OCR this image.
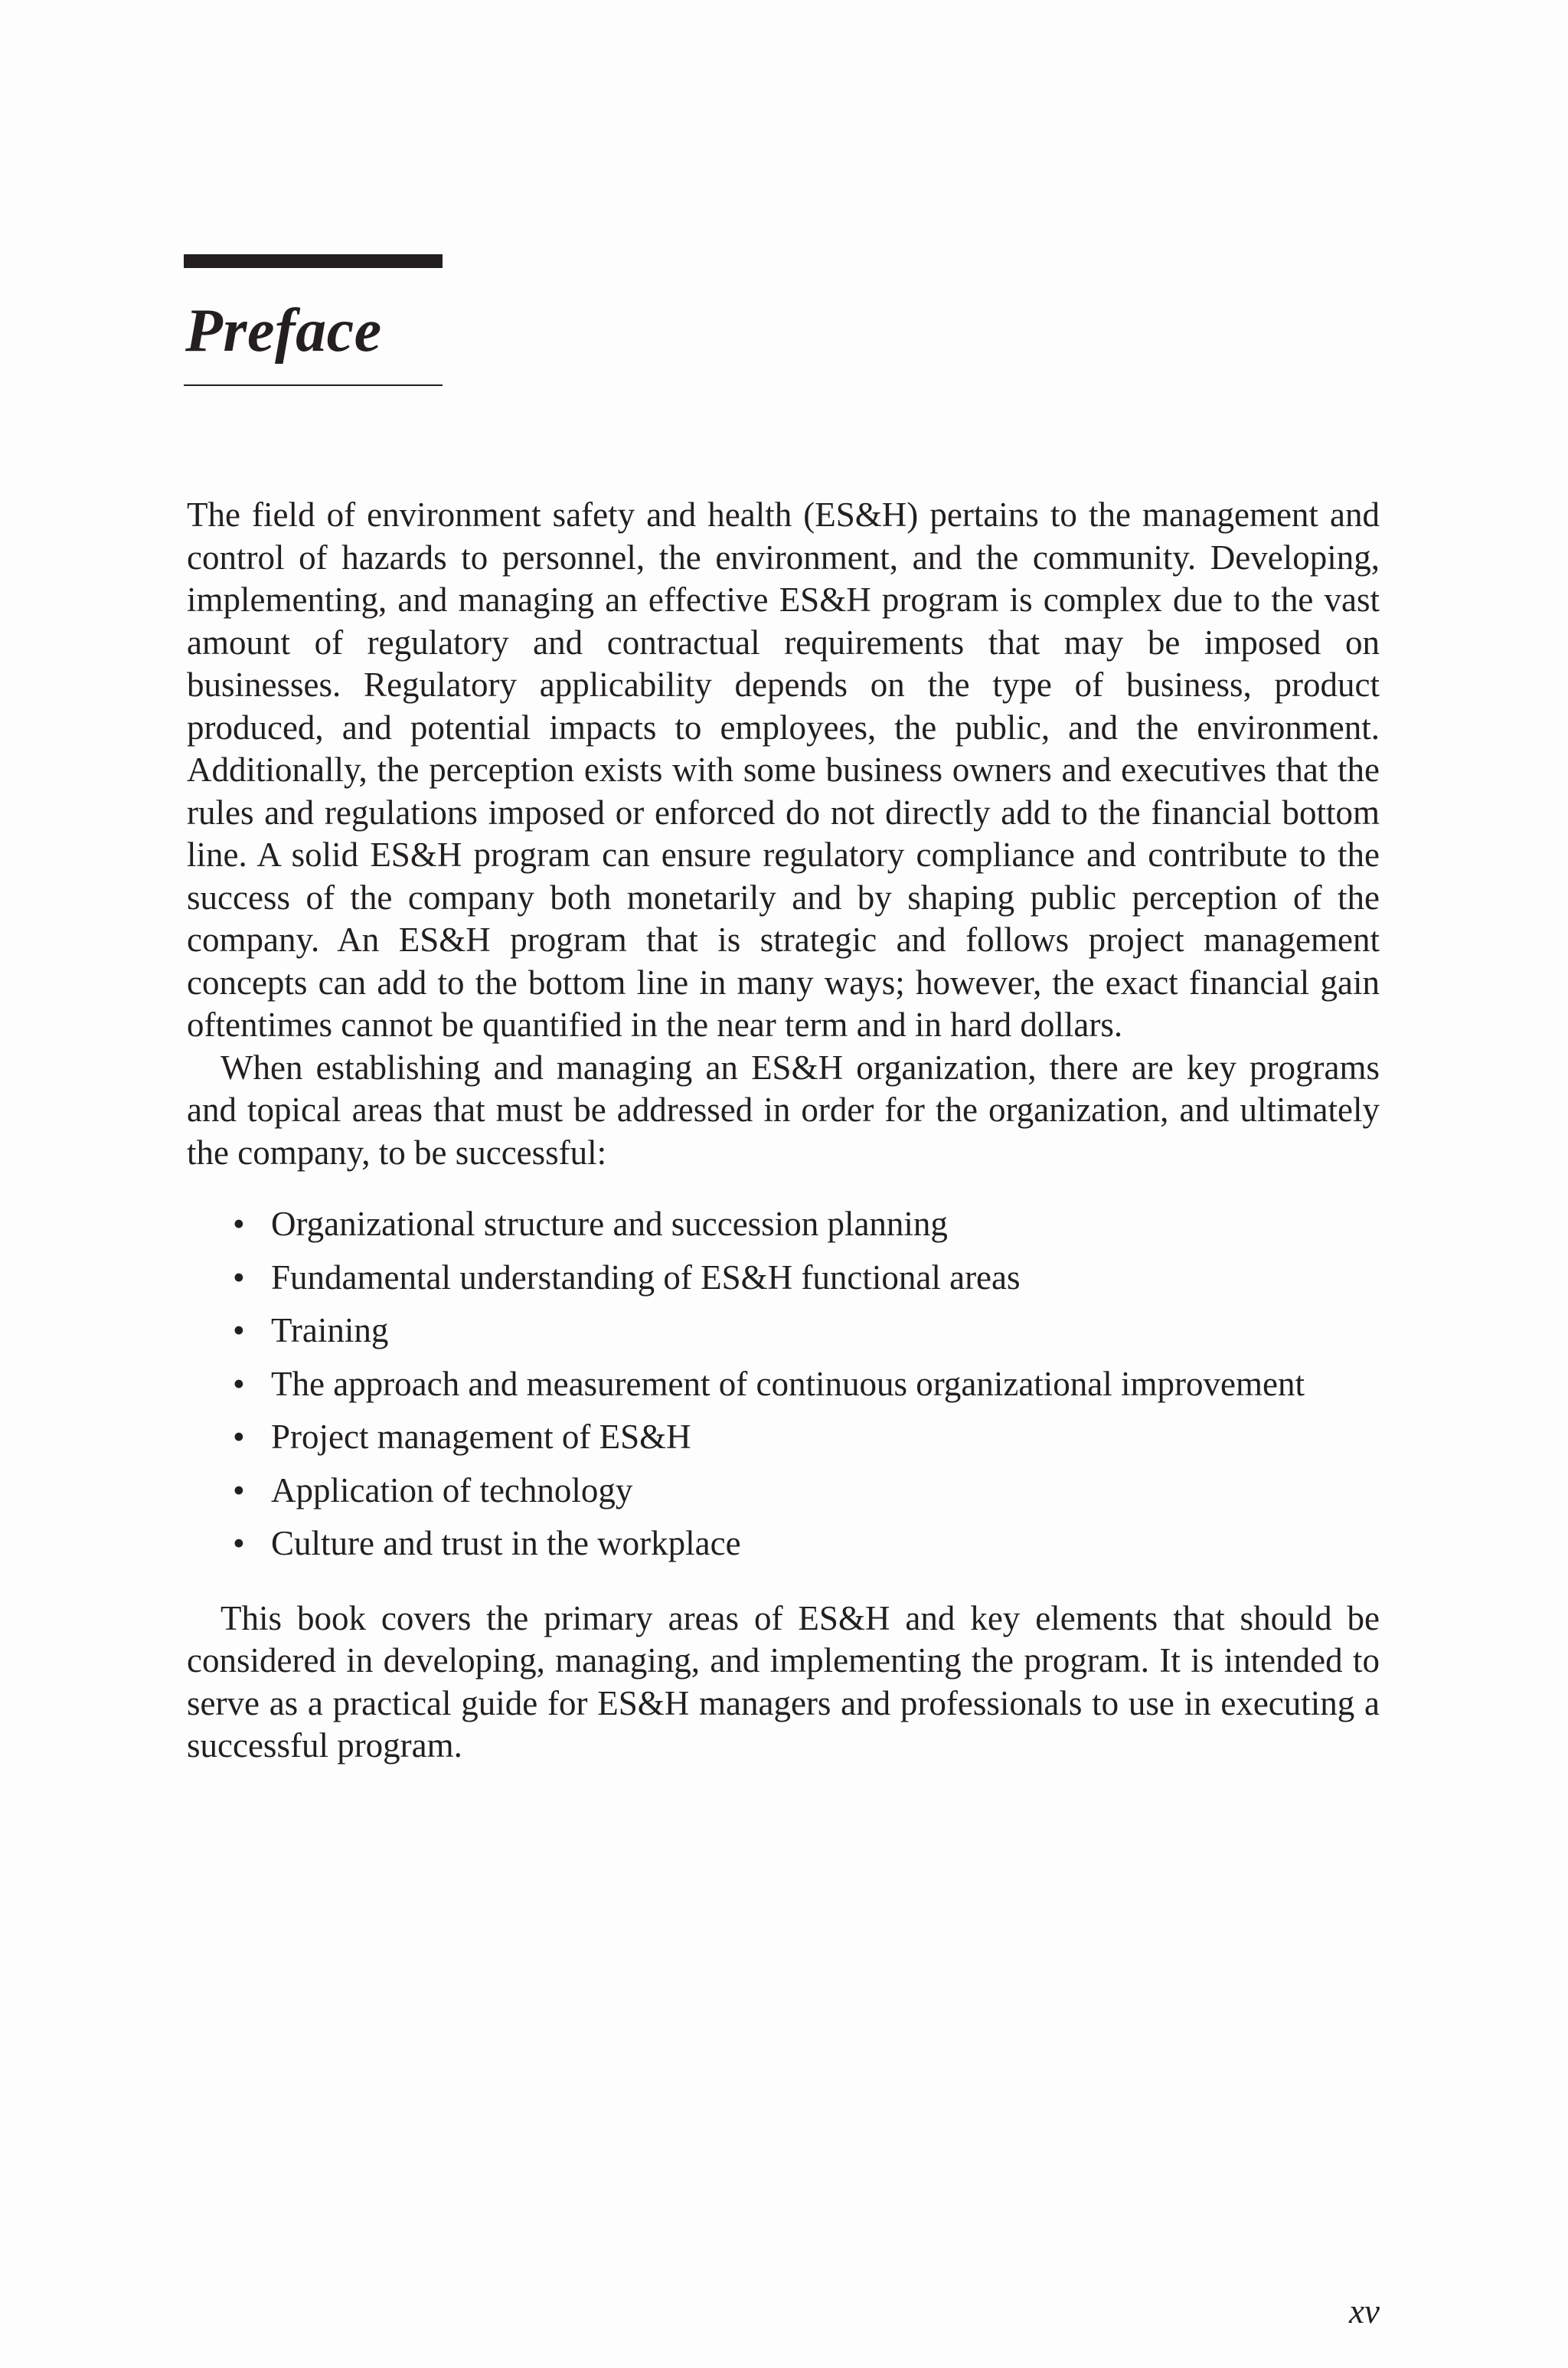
Preface

The field of environment safety and health (ES&H) pertains to the management and control of hazards to personnel, the environment, and the community. Developing, implementing, and managing an effective ES&H program is complex due to the vast amount of regulatory and contractual requirements that may be imposed on businesses. Regulatory applicability depends on the type of business, product produced, and potential impacts to employees, the public, and the environment. Additionally, the perception exists with some business owners and executives that the rules and regulations imposed or enforced do not directly add to the financial bottom line. A solid ES&H program can ensure regulatory compliance and contribute to the success of the company both monetarily and by shaping public perception of the company. An ES&H program that is strategic and follows project management concepts can add to the bottom line in many ways; however, the exact financial gain oftentimes cannot be quantified in the near term and in hard dollars.

When establishing and managing an ES&H organization, there are key programs and topical areas that must be addressed in order for the organization, and ultimately the company, to be successful:

• Organizational structure and succession planning
• Fundamental understanding of ES&H functional areas
• Training
• The approach and measurement of continuous organizational improvement
• Project management of ES&H
• Application of technology
• Culture and trust in the workplace

This book covers the primary areas of ES&H and key elements that should be considered in developing, managing, and implementing the program. It is intended to serve as a practical guide for ES&H managers and professionals to use in executing a successful program.

xv
